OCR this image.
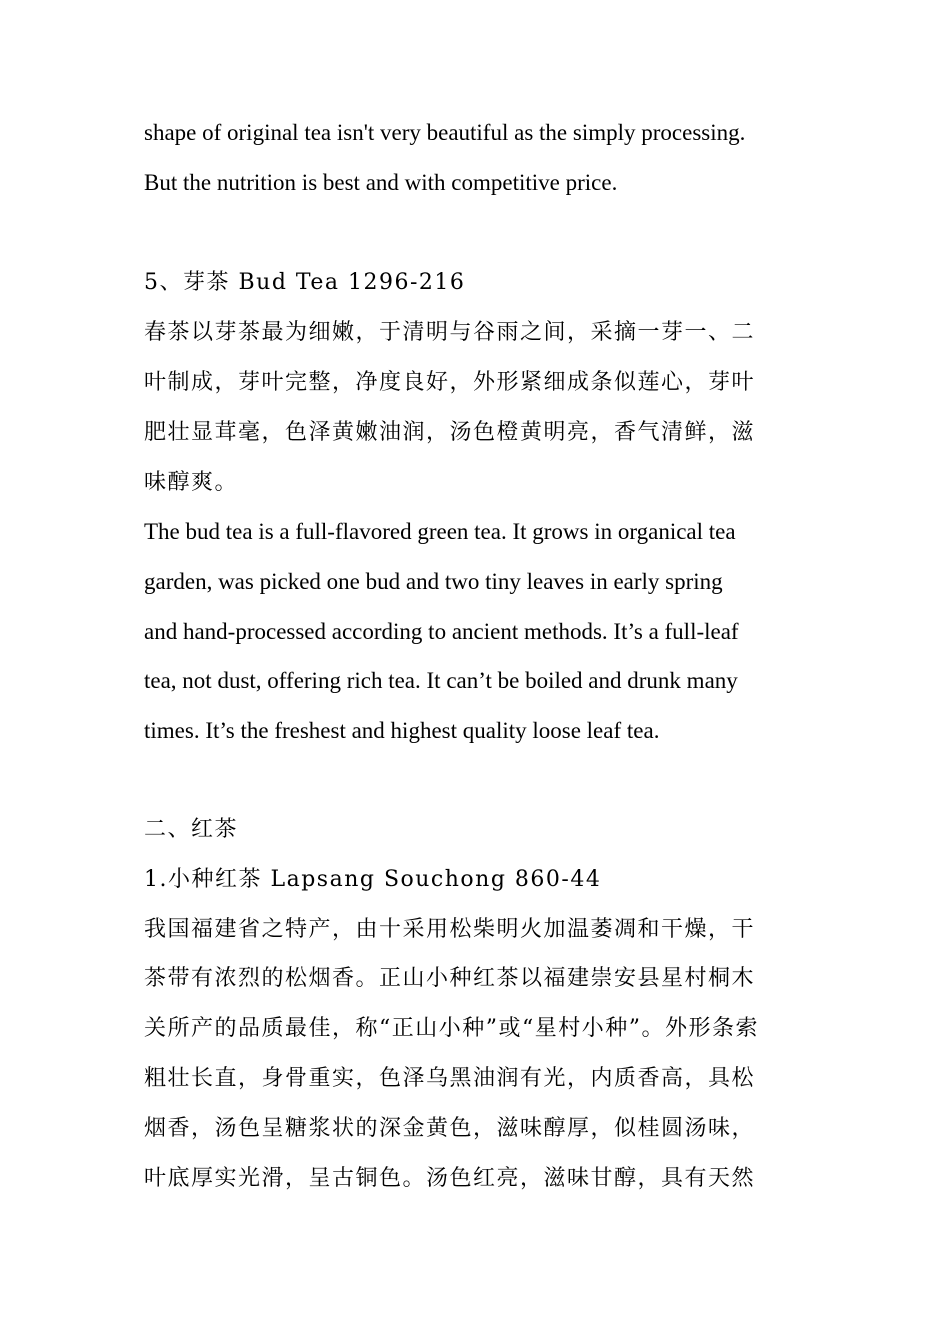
shape of original tea isn't very beautiful as the simply processing.

But the nutrition is best and with competitive price.

5、芽茶 Bud Tea 1296-216

春茶以芽茶最为细嫩，于清明与谷雨之间，采摘一芽一、二

叶制成，芽叶完整，净度良好，外形紧细成条似莲心，芽叶

肥壮显茸毫，色泽黄嫩油润，汤色橙黄明亮，香气清鲜，滋

味醇爽。

The bud tea is a full-flavored green tea. It grows in organical tea

garden, was picked one bud and two tiny leaves in early spring

and hand-processed according to ancient methods. It’s a full-leaf

tea, not dust, offering rich tea. It can’t be boiled and drunk many

times. It’s the freshest and highest quality loose leaf tea.

二、红茶

1.小种红茶 Lapsang Souchong 860-44

我国福建省之特产，由十采用松柴明火加温萎凋和干燥，干

茶带有浓烈的松烟香。正山小种红茶以福建崇安县星村桐木

关所产的品质最佳，称“正山小种”或“星村小种”。外形条索

粗壮长直，身骨重实，色泽乌黑油润有光，内质香高，具松

烟香，汤色呈糖浆状的深金黄色，滋味醇厚，似桂圆汤味，

叶底厚实光滑，呈古铜色。汤色红亮，滋味甘醇，具有天然
